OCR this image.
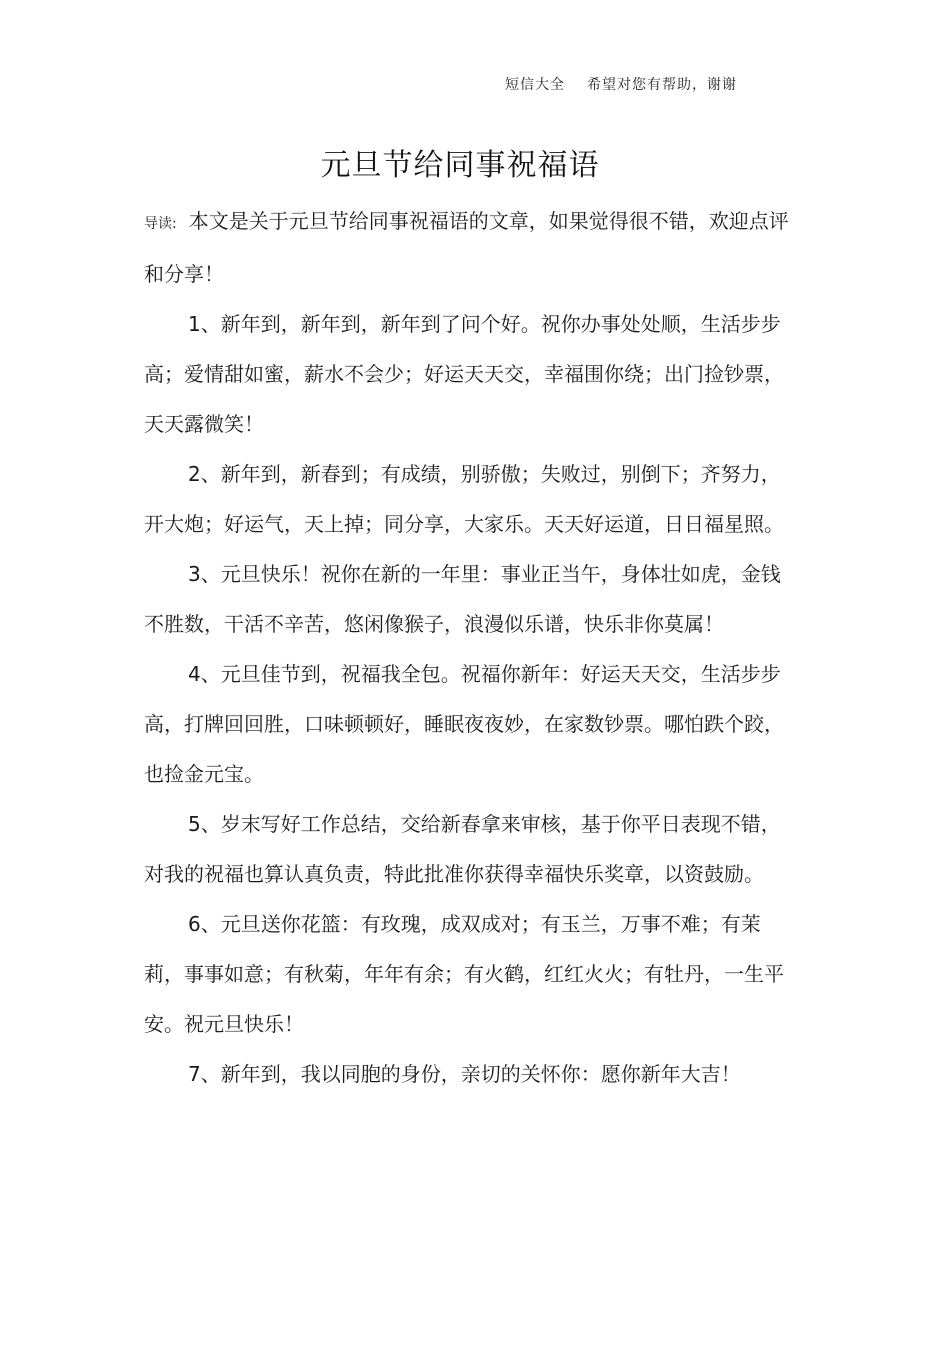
短信大全 希望对您有帮助，谢谢
元旦节给同事祝福语

导读: 本文是关于元旦节给同事祝福语的文章，如果觉得很不错，欢迎点评和分享！

1、新年到，新年到，新年到了问个好。祝你办事处处顺，生活步步高；爱情甜如蜜，薪水不会少；好运天天交，幸福围你绕；出门捡钞票，天天露微笑！

2、新年到，新春到；有成绩，别骄傲；失败过，别倒下；齐努力，开大炮；好运气，天上掉；同分享，大家乐。天天好运道，日日福星照。

3、元旦快乐！祝你在新的一年里：事业正当午，身体壮如虎，金钱不胜数，干活不辛苦，悠闲像猴子，浪漫似乐谱，快乐非你莫属！

4、元旦佳节到，祝福我全包。祝福你新年：好运天天交，生活步步高，打牌回回胜，口味顿顿好，睡眠夜夜妙，在家数钞票。哪怕跌个跤，也捡金元宝。

5、岁末写好工作总结，交给新春拿来审核，基于你平日表现不错，对我的祝福也算认真负责，特此批准你获得幸福快乐奖章，以资鼓励。

6、元旦送你花篮：有玫瑰，成双成对；有玉兰，万事不难；有茉莉，事事如意；有秋菊，年年有余；有火鹤，红红火火；有牡丹，一生平安。祝元旦快乐！

7、新年到，我以同胞的身份，亲切的关怀你：愿你新年大吉！
